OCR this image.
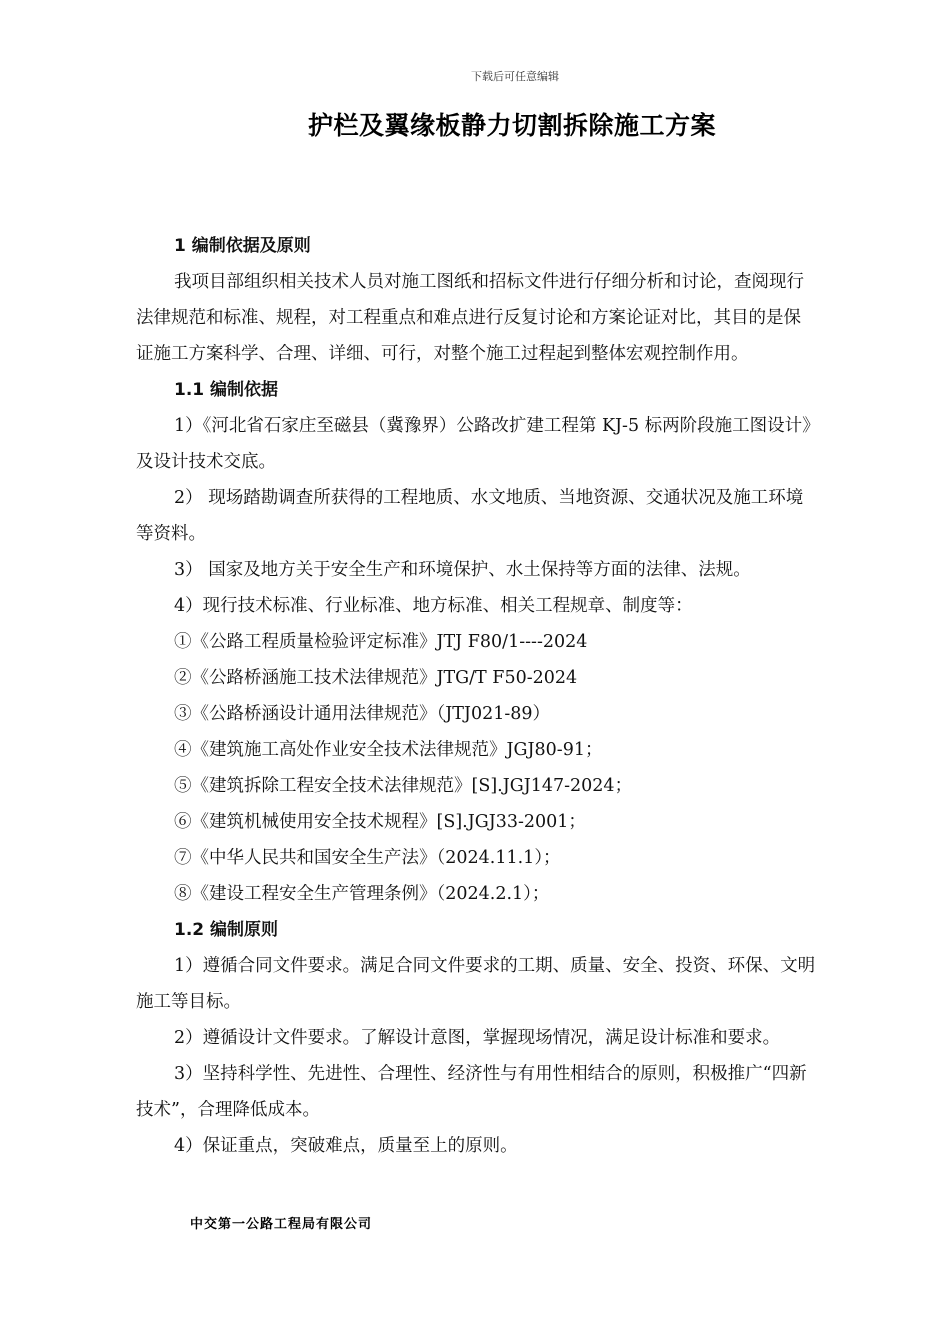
下载后可任意编辑
护栏及翼缘板静力切割拆除施工方案
1 编制依据及原则
我项目部组织相关技术人员对施工图纸和招标文件进行仔细分析和讨论，查阅现行
法律规范和标准、规程，对工程重点和难点进行反复讨论和方案论证对比，其目的是保
证施工方案科学、合理、详细、可行，对整个施工过程起到整体宏观控制作用。
1.1 编制依据
1）《河北省石家庄至磁县（冀豫界）公路改扩建工程第 KJ-5 标两阶段施工图设计》
及设计技术交底。
2） 现场踏勘调查所获得的工程地质、水文地质、当地资源、交通状况及施工环境
等资料。
3） 国家及地方关于安全生产和环境保护、水土保持等方面的法律、法规。
4）现行技术标准、行业标准、地方标准、相关工程规章、制度等：
①《公路工程质量检验评定标准》JTJ F80/1----2024
②《公路桥涵施工技术法律规范》JTG/T F50-2024
③《公路桥涵设计通用法律规范》（JTJ021-89）
④《建筑施工高处作业安全技术法律规范》JGJ80-91；
⑤《建筑拆除工程安全技术法律规范》[S].JGJ147-2024；
⑥《建筑机械使用安全技术规程》[S].JGJ33-2001；
⑦《中华人民共和国安全生产法》（2024.11.1）；
⑧《建设工程安全生产管理条例》（2024.2.1）；
1.2 编制原则
1）遵循合同文件要求。满足合同文件要求的工期、质量、安全、投资、环保、文明
施工等目标。
2）遵循设计文件要求。了解设计意图，掌握现场情况，满足设计标准和要求。
3）坚持科学性、先进性、合理性、经济性与有用性相结合的原则，积极推广“四新
技术”，合理降低成本。
4）保证重点，突破难点，质量至上的原则。
中交第一公路工程局有限公司
